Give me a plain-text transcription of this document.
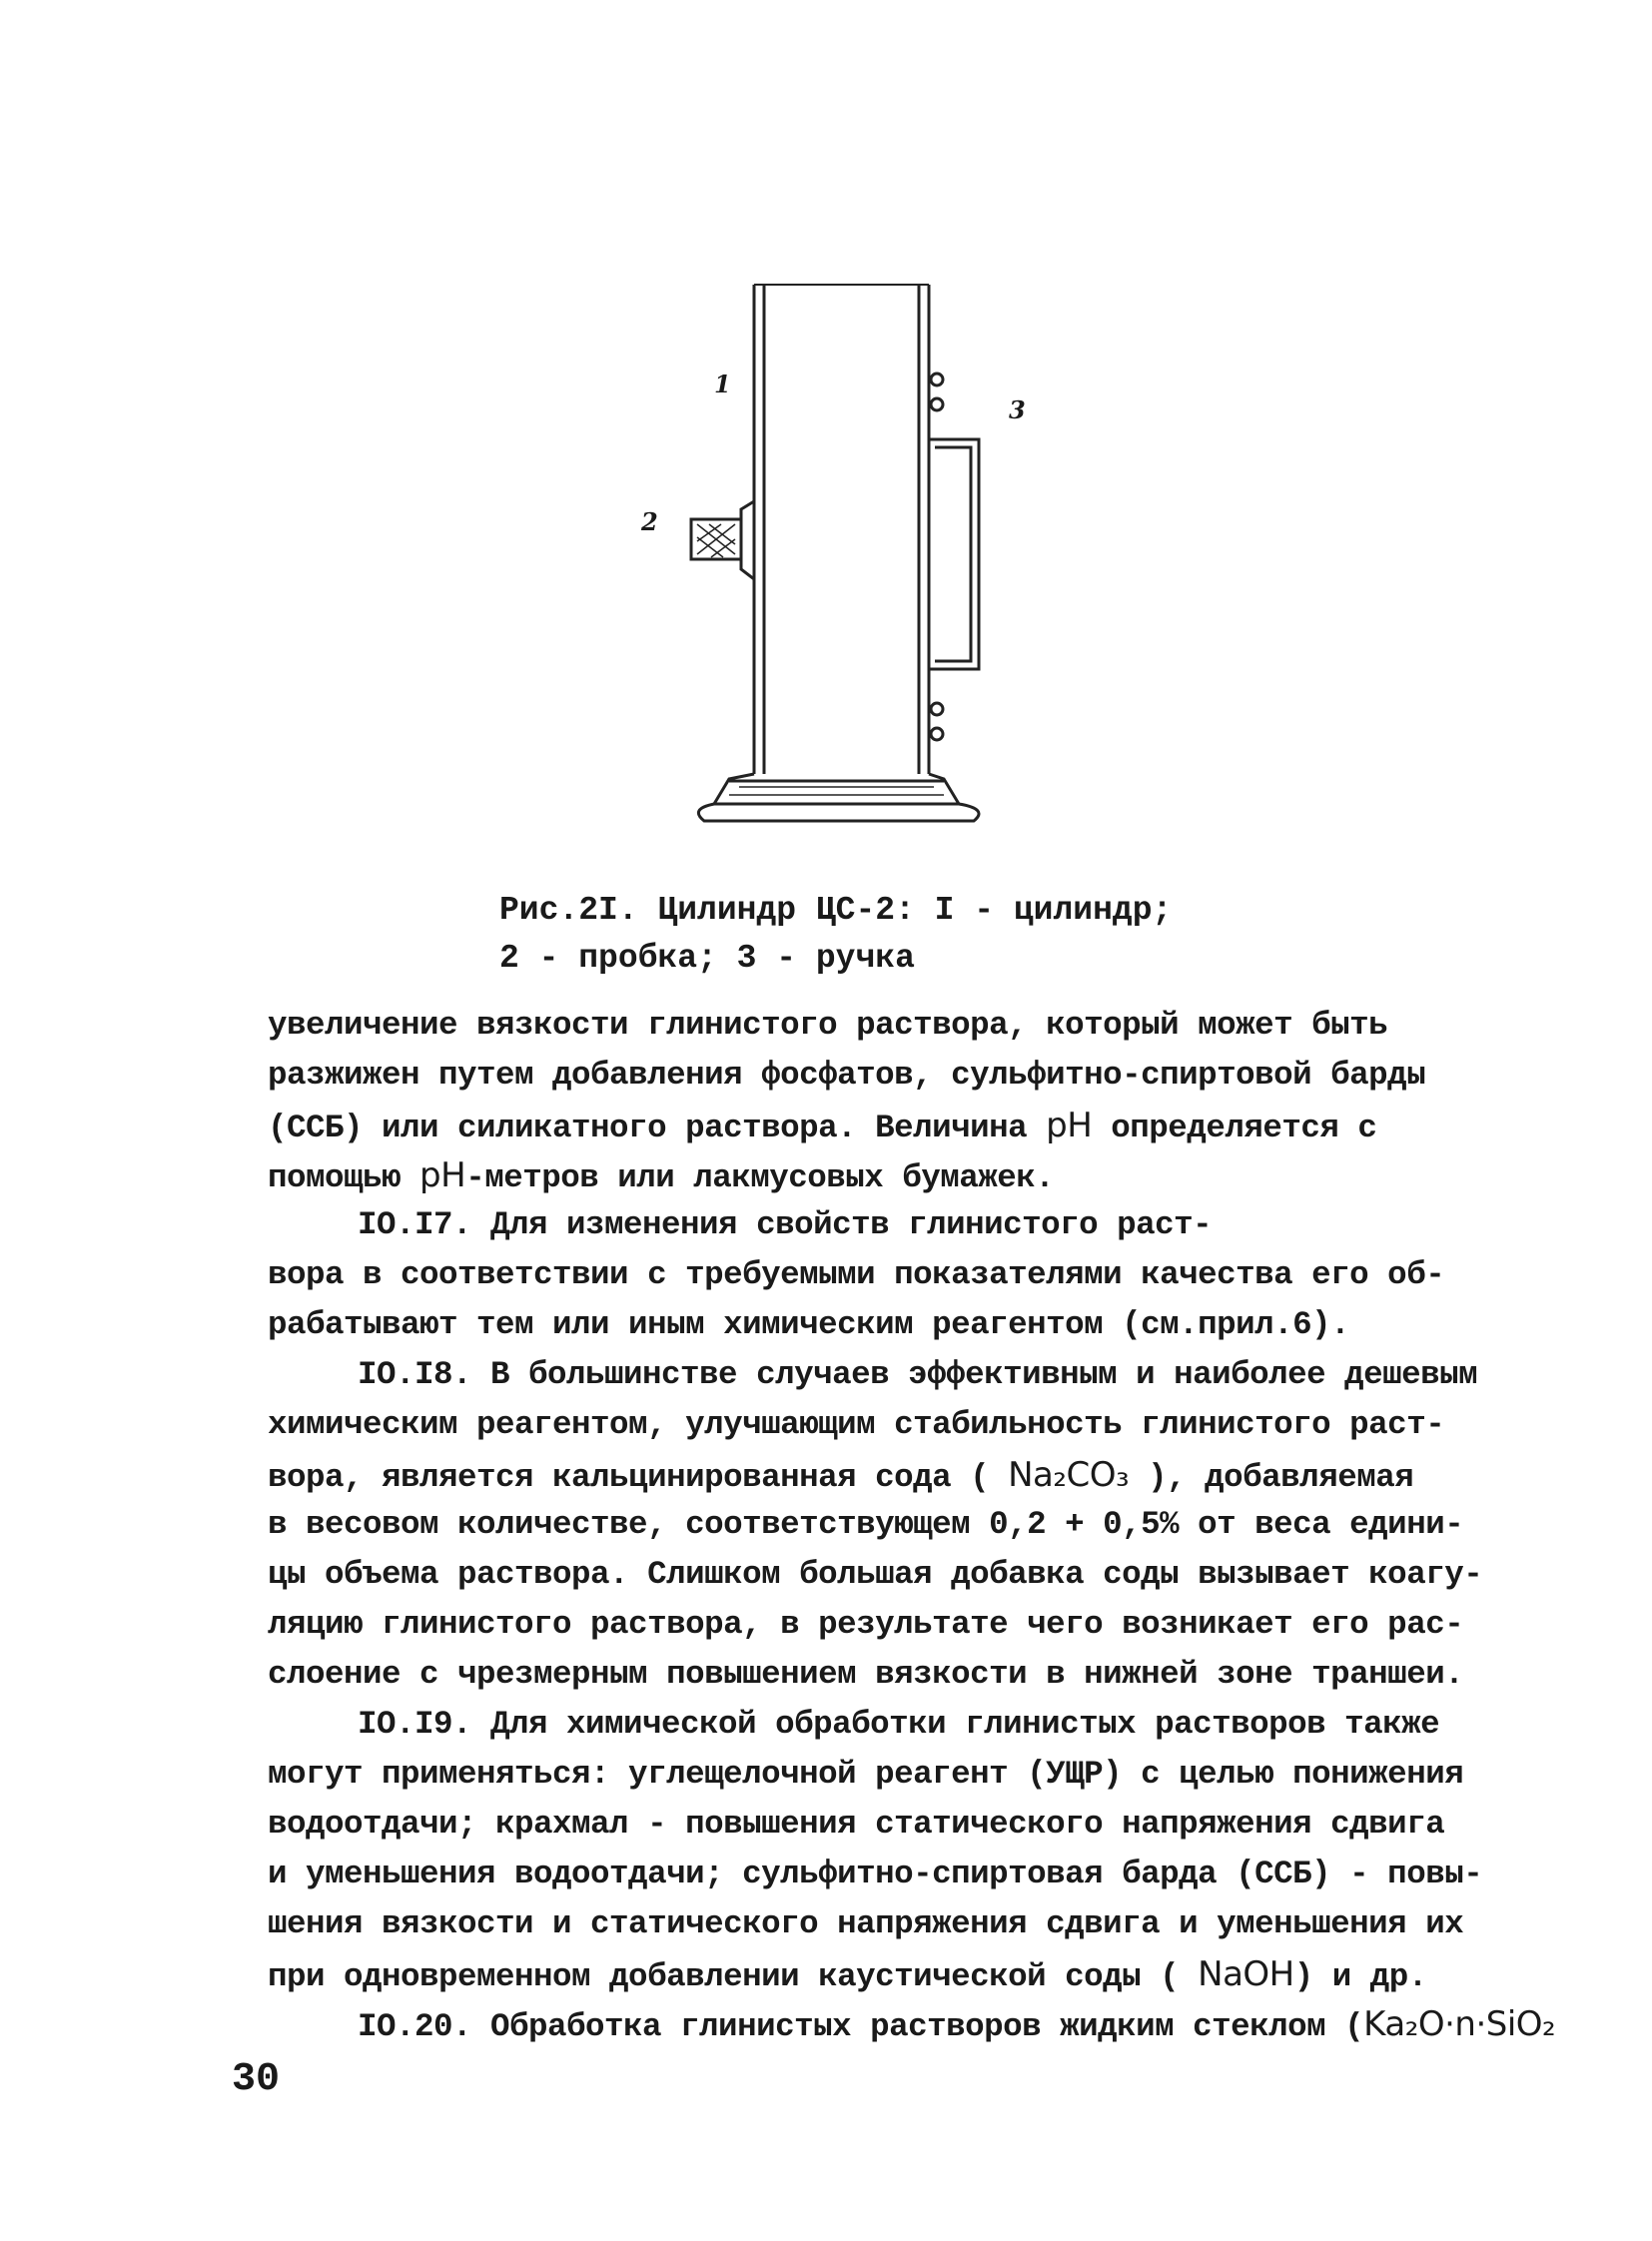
1
2
3
Рис.2I. Цилиндр ЦС-2: I - цилиндр;
2 - пробка; 3 - ручка
увеличение вязкости глинистого раствора, который может быть
разжижен путем добавления фосфатов, сульфитно-спиртовой барды
(ССБ) или силикатного раствора. Величина pH определяется с
помощью pH-метров или лакмусовых бумажек.
IO.I7. Для изменения свойств глинистого раст-
вора в соответствии с требуемыми показателями качества его об-
рабатывают тем или иным химическим реагентом (см.прил.6).
IO.I8. В большинстве случаев эффективным и наиболее дешевым
химическим реагентом, улучшающим стабильность глинистого раст-
вора, является кальцинированная сода ( Na₂CO₃ ), добавляемая
в весовом количестве, соответствующем 0,2 + 0,5% от веса едини-
цы объема раствора. Слишком большая добавка соды вызывает коагу-
ляцию глинистого раствора, в результате чего возникает его рас-
слоение с чрезмерным повышением вязкости в нижней зоне траншеи.
IO.I9. Для химической обработки глинистых растворов также
могут применяться: углещелочной реагент (УЩР) с целью понижения
водоотдачи; крахмал - повышения статического напряжения сдвига
и уменьшения водоотдачи; сульфитно-спиртовая барда (ССБ) - повы-
шения вязкости и статического напряжения сдвига и уменьшения их
при одновременном добавлении каустической соды ( NaOH) и др.
IO.20. Обработка глинистых растворов жидким стеклом (Ka₂O·n·SiO₂
30
